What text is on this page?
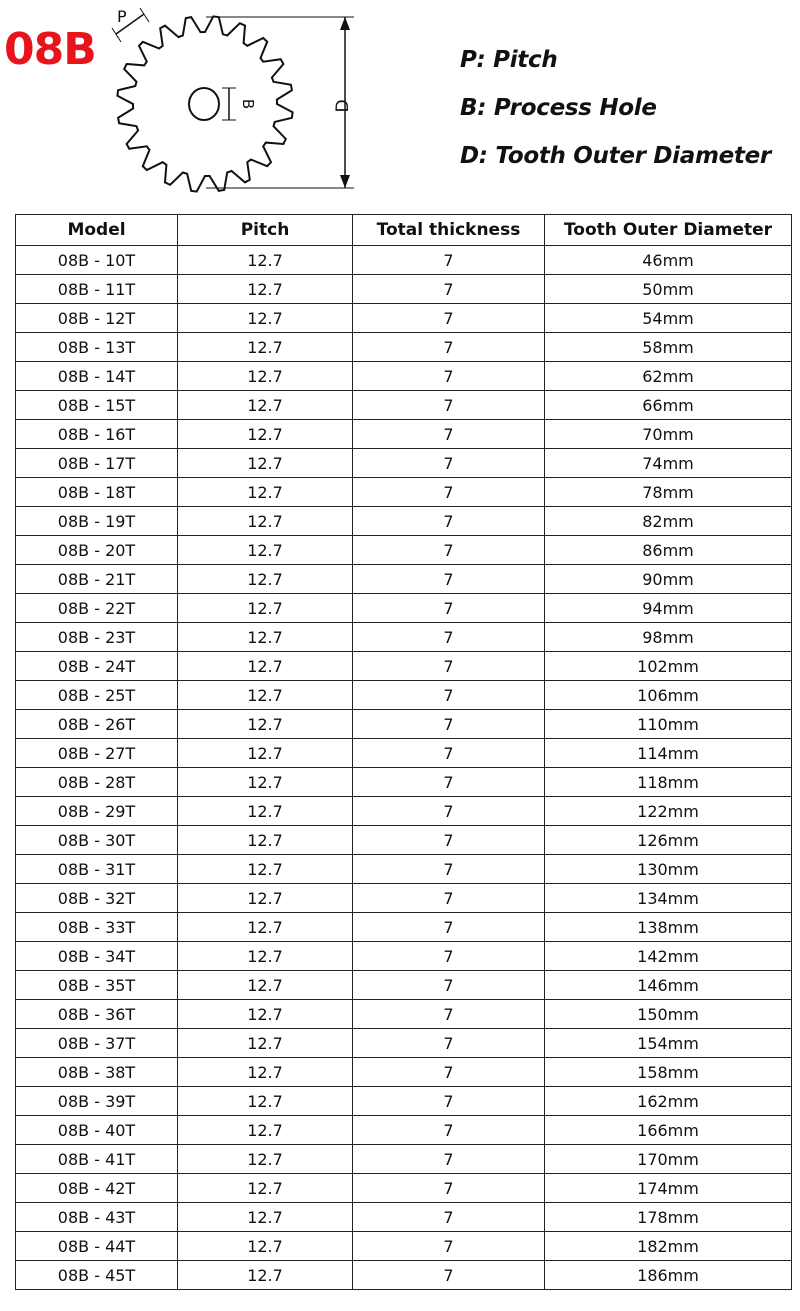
08B
B	D
P
P: Pitch
B: Process Hole
D: Tooth Outer Diameter
Model	Pitch	Total thickness	Tooth Outer Diameter
08B - 10T	12.7	7	46mm
08B - 11T	12.7	7	50mm
08B - 12T	12.7	7	54mm
08B - 13T	12.7	7	58mm
08B - 14T	12.7	7	62mm
08B - 15T	12.7	7	66mm
08B - 16T	12.7	7	70mm
08B - 17T	12.7	7	74mm
08B - 18T	12.7	7	78mm
08B - 19T	12.7	7	82mm
08B - 20T	12.7	7	86mm
08B - 21T	12.7	7	90mm
08B - 22T	12.7	7	94mm
08B - 23T	12.7	7	98mm
08B - 24T	12.7	7	102mm
08B - 25T	12.7	7	106mm
08B - 26T	12.7	7	110mm
08B - 27T	12.7	7	114mm
08B - 28T	12.7	7	118mm
08B - 29T	12.7	7	122mm
08B - 30T	12.7	7	126mm
08B - 31T	12.7	7	130mm
08B - 32T	12.7	7	134mm
08B - 33T	12.7	7	138mm
08B - 34T	12.7	7	142mm
08B - 35T	12.7	7	146mm
08B - 36T	12.7	7	150mm
08B - 37T	12.7	7	154mm
08B - 38T	12.7	7	158mm
08B - 39T	12.7	7	162mm
08B - 40T	12.7	7	166mm
08B - 41T	12.7	7	170mm
08B - 42T	12.7	7	174mm
08B - 43T	12.7	7	178mm
08B - 44T	12.7	7	182mm
08B - 45T	12.7	7	186mm
